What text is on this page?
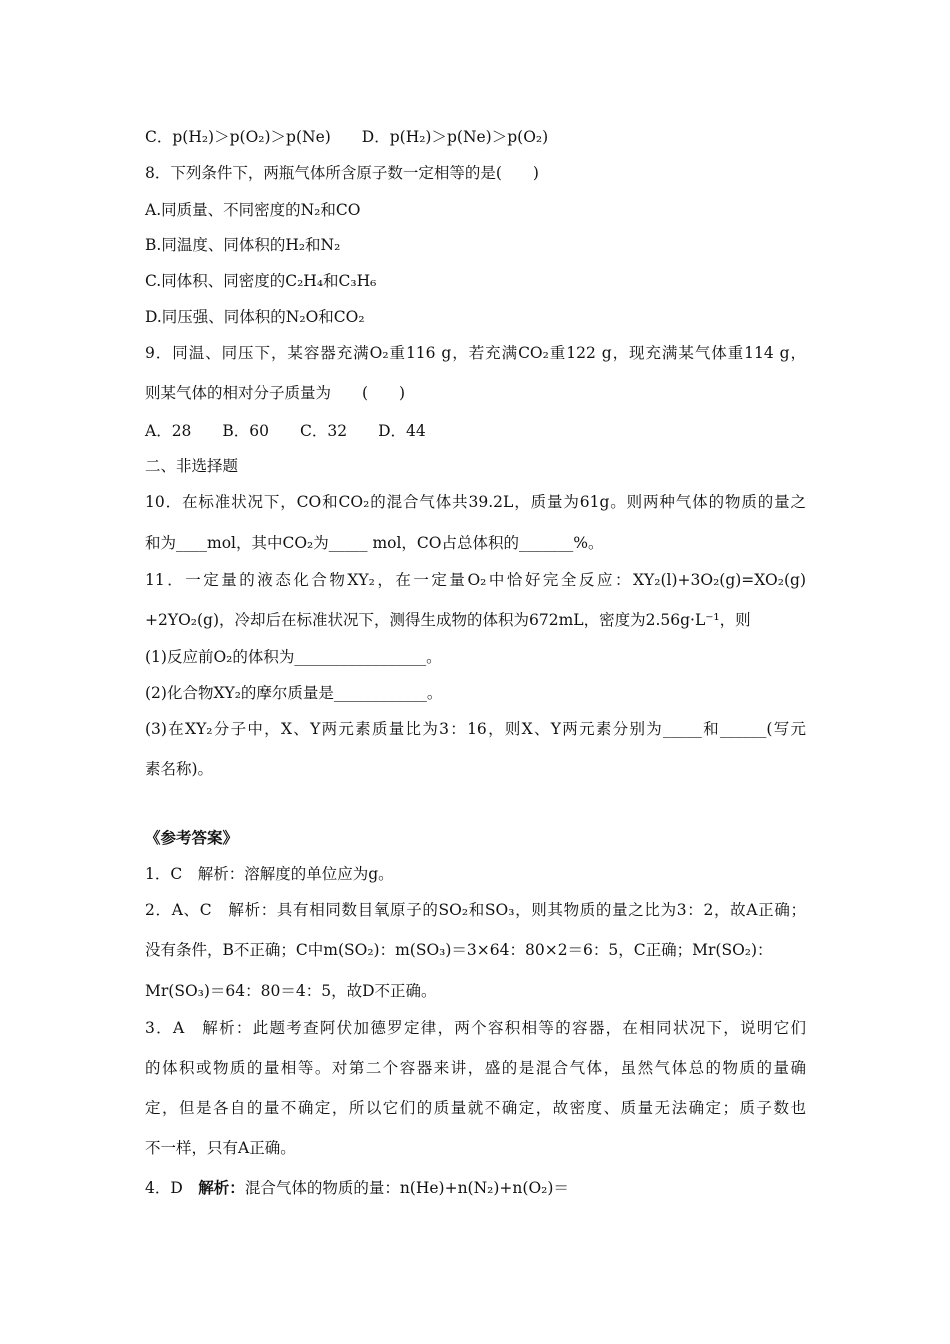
C．p(H₂)＞p(O₂)＞p(Ne)　　D．p(H₂)＞p(Ne)＞p(O₂)
8．下列条件下，两瓶气体所含原子数一定相等的是(　　)
A.同质量、不同密度的N₂和CO
B.同温度、同体积的H₂和N₂
C.同体积、同密度的C₂H₄和C₃H₆
D.同压强、同体积的N₂O和CO₂
9．同温、同压下，某容器充满O₂重116 g，若充满CO₂重122 g，现充满某气体重114 g，
则某气体的相对分子质量为　　(　　)
A．28　　B．60　　C．32　　D．44
二、非选择题
10．在标准状况下，CO和CO₂的混合气体共39.2L，质量为61g。则两种气体的物质的量之
和为____mol，其中CO₂为_____ mol，CO占总体积的_______%。
11．一定量的液态化合物XY₂，在一定量O₂中恰好完全反应：XY₂(l)+3O₂(g)=XO₂(g)
+2YO₂(g)，冷却后在标准状况下，测得生成物的体积为672mL，密度为2.56g·L⁻¹，则
(1)反应前O₂的体积为_________________。
(2)化合物XY₂的摩尔质量是____________。
(3)在XY₂分子中，X、Y两元素质量比为3：16，则X、Y两元素分别为_____和______(写元
素名称)。
《参考答案》
1．C　解析：溶解度的单位应为g。
2．A、C　解析：具有相同数目氧原子的SO₂和SO₃，则其物质的量之比为3：2，故A正确；
没有条件，B不正确；C中m(SO₂)：m(SO₃)＝3×64：80×2＝6：5，C正确；Mr(SO₂)：
Mr(SO₃)＝64：80＝4：5，故D不正确。
3．A　解析：此题考查阿伏加德罗定律，两个容积相等的容器，在相同状况下，说明它们
的体积或物质的量相等。对第二个容器来讲，盛的是混合气体，虽然气体总的物质的量确
定，但是各自的量不确定，所以它们的质量就不确定，故密度、质量无法确定；质子数也
不一样，只有A正确。
4．D　解析：混合气体的物质的量：n(He)+n(N₂)+n(O₂)＝
